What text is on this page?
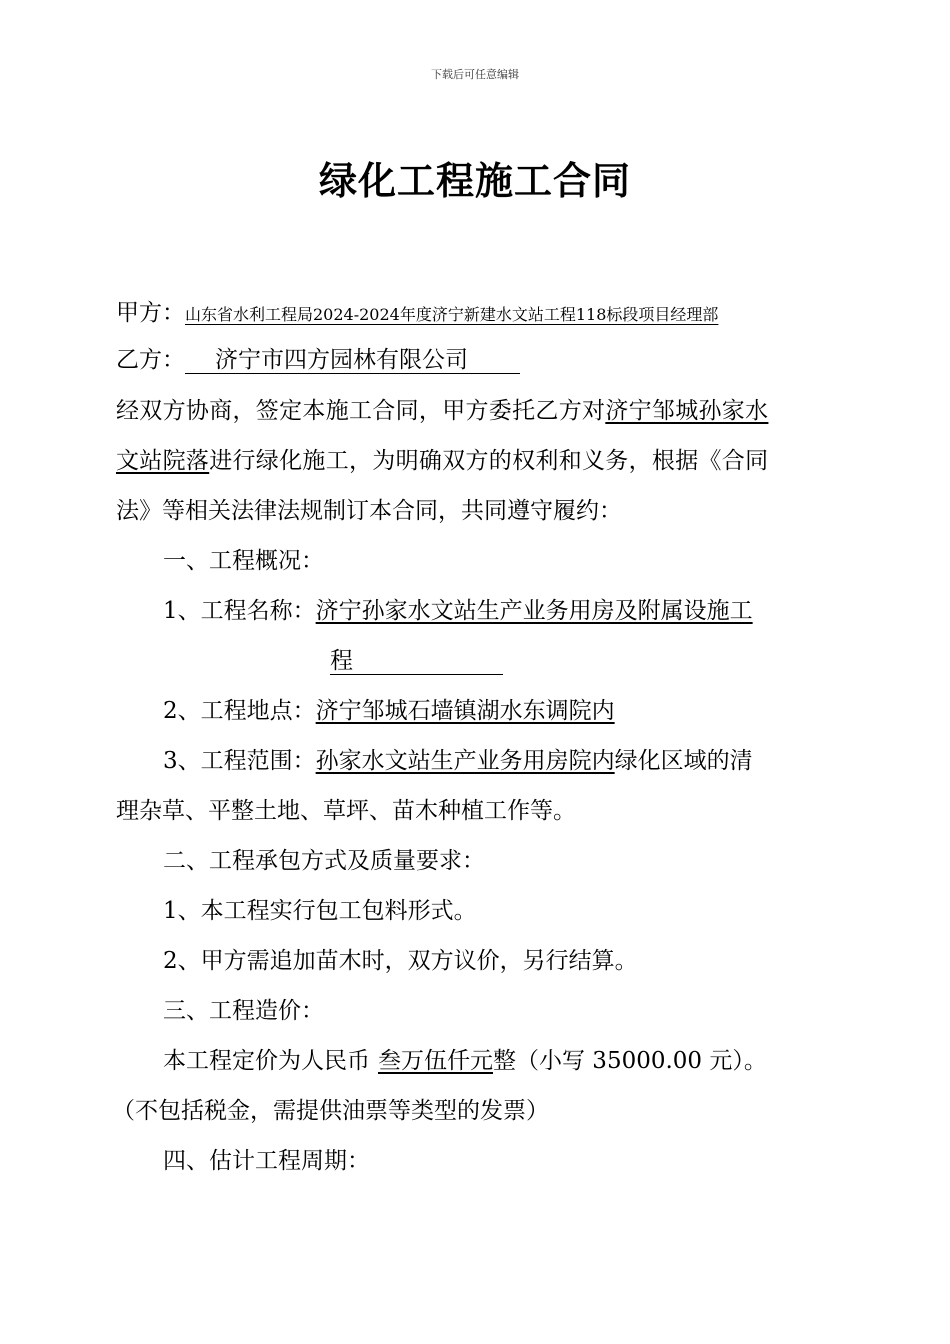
下载后可任意编辑
绿化工程施工合同
甲方：山东省水利工程局2024-2024年度济宁新建水文站工程118标段项目经理部
乙方： 济宁市四方园林有限公司
经双方协商，签定本施工合同，甲方委托乙方对济宁邹城孙家水
文站院落进行绿化施工，为明确双方的权利和义务，根据《合同
法》等相关法律法规制订本合同，共同遵守履约：
一、工程概况：
1、工程名称：济宁孙家水文站生产业务用房及附属设施工
程
2、工程地点：济宁邹城石墙镇湖水东调院内
3、工程范围：孙家水文站生产业务用房院内绿化区域的清
理杂草、平整土地、草坪、苗木种植工作等。
二、工程承包方式及质量要求：
1、本工程实行包工包料形式。
2、甲方需追加苗木时，双方议价，另行结算。
三、工程造价：
本工程定价为人民币 叁万伍仟元整（小写 35000.00 元）。
（不包括税金，需提供油票等类型的发票）
四、估计工程周期：
